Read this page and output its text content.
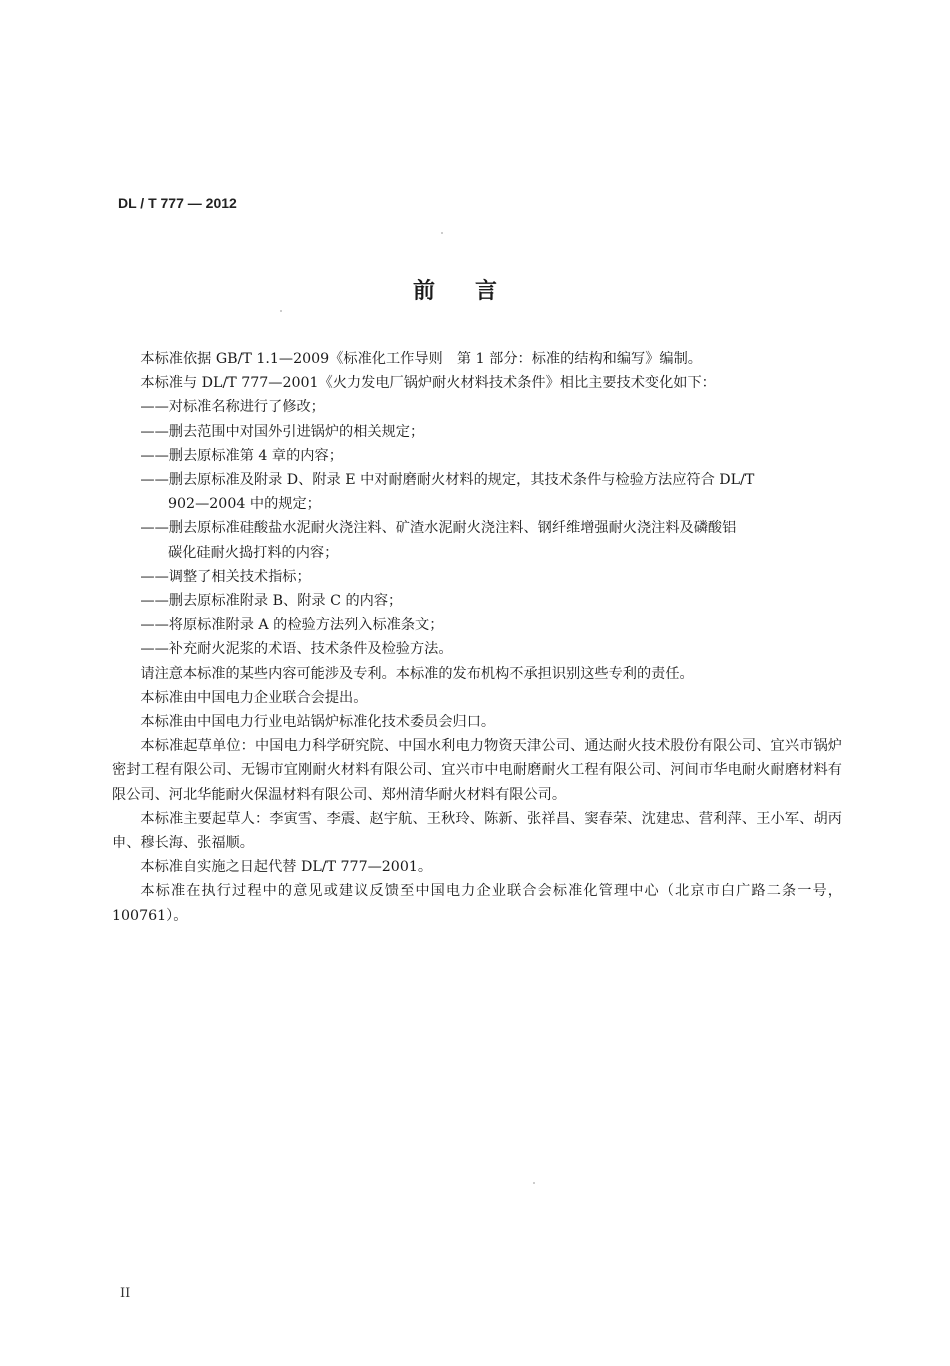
DL / T 777 — 2012
前言

本标准依据 GB/T 1.1—2009《标准化工作导则　第 1 部分：标准的结构和编写》编制。

本标准与 DL/T 777—2001《火力发电厂锅炉耐火材料技术条件》相比主要技术变化如下：

——对标准名称进行了修改；

——删去范围中对国外引进锅炉的相关规定；

——删去原标准第 4 章的内容；

——删去原标准及附录 D、附录 E 中对耐磨耐火材料的规定，其技术条件与检验方法应符合 DL/T

902—2004 中的规定；

——删去原标准硅酸盐水泥耐火浇注料、矿渣水泥耐火浇注料、钢纤维增强耐火浇注料及磷酸铝

碳化硅耐火捣打料的内容；

——调整了相关技术指标；

——删去原标准附录 B、附录 C 的内容；

——将原标准附录 A 的检验方法列入标准条文；

——补充耐火泥浆的术语、技术条件及检验方法。

请注意本标准的某些内容可能涉及专利。本标准的发布机构不承担识别这些专利的责任。

本标准由中国电力企业联合会提出。

本标准由中国电力行业电站锅炉标准化技术委员会归口。

本标准起草单位：中国电力科学研究院、中国水利电力物资天津公司、通达耐火技术股份有限公司、宜兴市锅炉密封工程有限公司、无锡市宜刚耐火材料有限公司、宜兴市中电耐磨耐火工程有限公司、河间市华电耐火耐磨材料有限公司、河北华能耐火保温材料有限公司、郑州清华耐火材料有限公司。

本标准主要起草人：李寅雪、李震、赵宇航、王秋玲、陈新、张祥昌、窦春荣、沈建忠、营利萍、王小军、胡丙申、穆长海、张福顺。

本标准自实施之日起代替 DL/T 777—2001。

本标准在执行过程中的意见或建议反馈至中国电力企业联合会标准化管理中心（北京市白广路二条一号，100761）。

II
